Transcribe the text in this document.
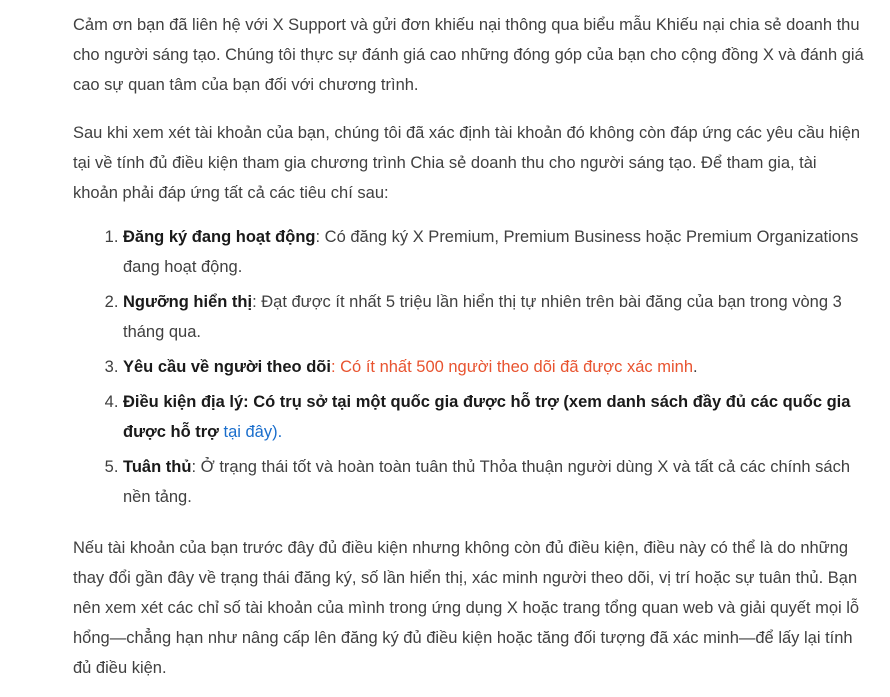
Cảm ơn bạn đã liên hệ với X Support và gửi đơn khiếu nại thông qua biểu mẫu Khiếu nại chia sẻ doanh thu cho người sáng tạo. Chúng tôi thực sự đánh giá cao những đóng góp của bạn cho cộng đồng X và đánh giá cao sự quan tâm của bạn đối với chương trình.

Sau khi xem xét tài khoản của bạn, chúng tôi đã xác định tài khoản đó không còn đáp ứng các yêu cầu hiện tại về tính đủ điều kiện tham gia chương trình Chia sẻ doanh thu cho người sáng tạo. Để tham gia, tài khoản phải đáp ứng tất cả các tiêu chí sau:

1. Đăng ký đang hoạt động: Có đăng ký X Premium, Premium Business hoặc Premium Organizations đang hoạt động.
2. Ngưỡng hiển thị: Đạt được ít nhất 5 triệu lần hiển thị tự nhiên trên bài đăng của bạn trong vòng 3 tháng qua.
3. Yêu cầu về người theo dõi: Có ít nhất 500 người theo dõi đã được xác minh.
4. Điều kiện địa lý: Có trụ sở tại một quốc gia được hỗ trợ (xem danh sách đầy đủ các quốc gia được hỗ trợ tại đây).
5. Tuân thủ: Ở trạng thái tốt và hoàn toàn tuân thủ Thỏa thuận người dùng X và tất cả các chính sách nền tảng.

Nếu tài khoản của bạn trước đây đủ điều kiện nhưng không còn đủ điều kiện, điều này có thể là do những thay đổi gần đây về trạng thái đăng ký, số lần hiển thị, xác minh người theo dõi, vị trí hoặc sự tuân thủ. Bạn nên xem xét các chỉ số tài khoản của mình trong ứng dụng X hoặc trang tổng quan web và giải quyết mọi lỗ hổng—chẳng hạn như nâng cấp lên đăng ký đủ điều kiện hoặc tăng đối tượng đã xác minh—để lấy lại tính đủ điều kiện.
